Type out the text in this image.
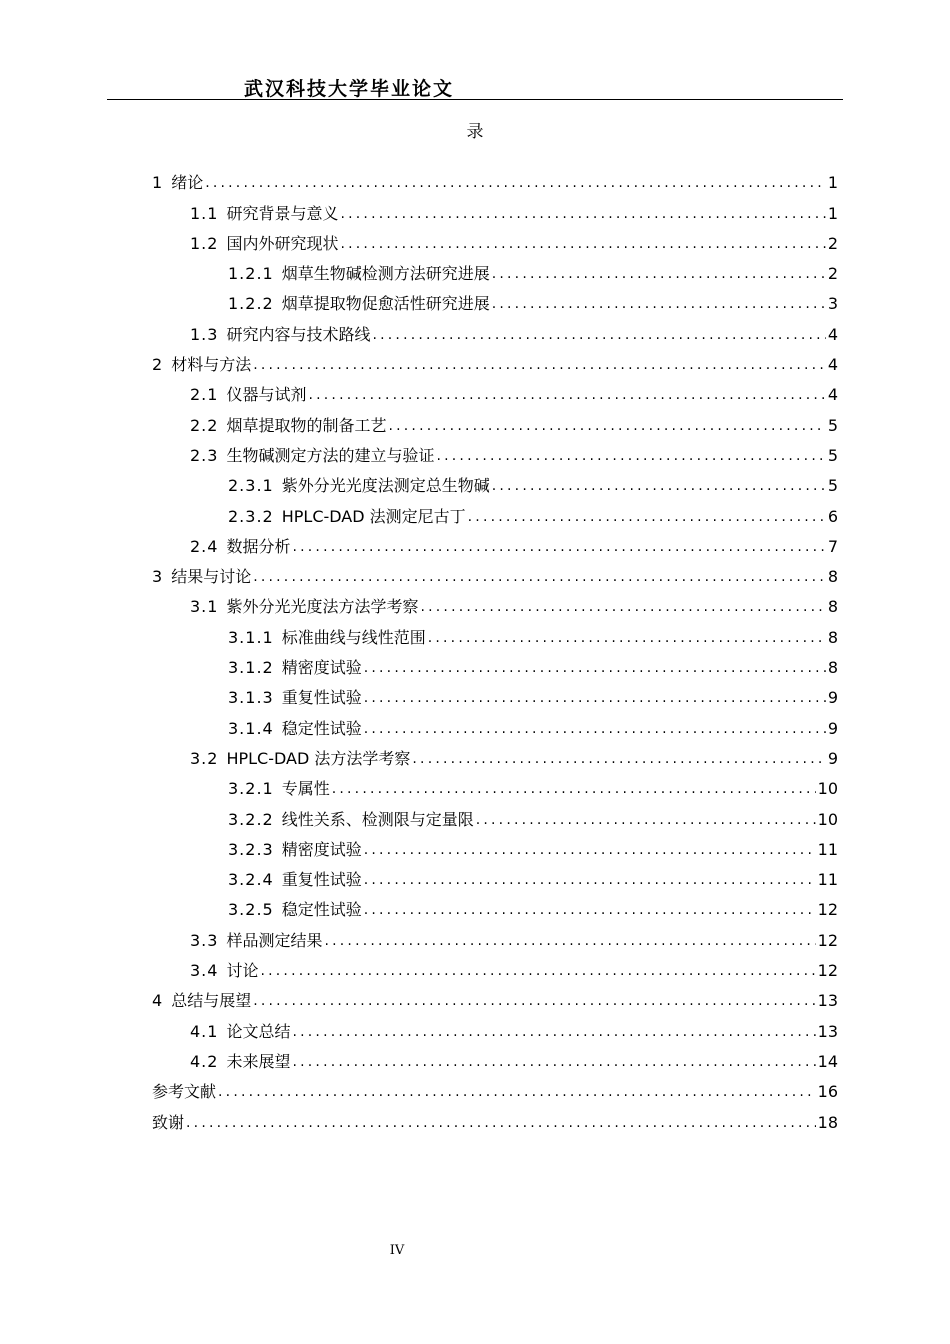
武汉科技大学毕业论文
录
1 绪论 .....	1
1.1 研究背景与意义 .....	1
1.2 国内外研究现状 .....	2
1.2.1 烟草生物碱检测方法研究进展 .....	2
1.2.2 烟草提取物促愈活性研究进展 .....	3
1.3 研究内容与技术路线 .....	4
2 材料与方法 .....	4
2.1 仪器与试剂 .....	4
2.2 烟草提取物的制备工艺 .....	5
2.3 生物碱测定方法的建立与验证 .....	5
2.3.1 紫外分光光度法测定总生物碱 .....	5
2.3.2 HPLC-DAD 法测定尼古丁 .....	6
2.4 数据分析 .....	7
3 结果与讨论 .....	8
3.1 紫外分光光度法方法学考察 .....	8
3.1.1 标准曲线与线性范围 .....	8
3.1.2 精密度试验 .....	8
3.1.3 重复性试验 .....	9
3.1.4 稳定性试验 .....	9
3.2 HPLC-DAD 法方法学考察 .....	9
3.2.1 专属性 .....	10
3.2.2 线性关系、检测限与定量限 .....	10
3.2.3 精密度试验 .....	11
3.2.4 重复性试验 .....	11
3.2.5 稳定性试验 .....	12
3.3 样品测定结果 .....	12
3.4 讨论 .....	12
4 总结与展望 .....	13
4.1 论文总结 .....	13
4.2 未来展望 .....	14
参考文献 .....	16
致谢 .....	18
IV
